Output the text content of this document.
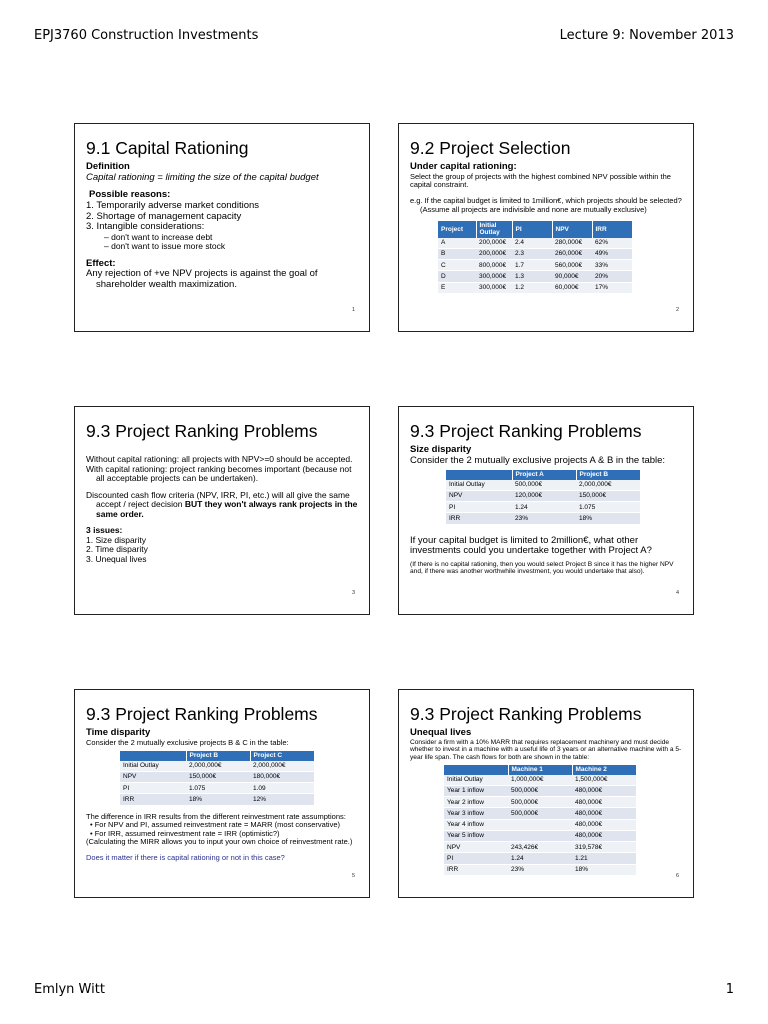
EPJ3760 Construction Investments	Lecture 9: November 2013
9.1 Capital Rationing
Definition
Capital rationing = limiting the size of the capital budget
Possible reasons:
1. Temporarily adverse market conditions
2. Shortage of management capacity
3. Intangible considerations:
– don't want to increase debt
– don't want to issue more stock
Effect:
Any rejection of +ve NPV projects is against the goal of shareholder wealth maximization.
1
9.2 Project Selection
Under capital rationing:
Select the group of projects with the highest combined NPV possible within the capital constraint.
e.g. If the capital budget is limited to 1million€, which projects should be selected? (Assume all projects are indivisible and none are mutually exclusive)
Project	Initial Outlay	PI	NPV	IRR
A	200,000€	2.4	280,000€	62%
B	200,000€	2.3	260,000€	49%
C	800,000€	1.7	560,000€	33%
D	300,000€	1.3	90,000€	20%
E	300,000€	1.2	60,000€	17%
2
9.3 Project Ranking Problems
Without capital rationing: all projects with NPV>=0 should be accepted.
With capital rationing: project ranking becomes important (because not all acceptable projects can be undertaken).
Discounted cash flow criteria (NPV, IRR, PI, etc.) will all give the same accept / reject decision BUT they won't always rank projects in the same order.
3 issues:
1. Size disparity
2. Time disparity
3. Unequal lives
3
9.3 Project Ranking Problems
Size disparity
Consider the 2 mutually exclusive projects A & B in the table:
	Project A	Project B
Initial Outlay	500,000€	2,000,000€
NPV	120,000€	150,000€
PI	1.24	1.075
IRR	23%	18%
If your capital budget is limited to 2million€, what other investments could you undertake together with Project A?
(If there is no capital rationing, then you would select Project B since it has the higher NPV and, if there was another worthwhile investment, you would undertake that also).
4
9.3 Project Ranking Problems
Time disparity
Consider the 2 mutually exclusive projects B & C in the table:
	Project B	Project C
Initial Outlay	2,000,000€	2,000,000€
NPV	150,000€	180,000€
PI	1.075	1.09
IRR	18%	12%
The difference in IRR results from the different reinvestment rate assumptions:
• For NPV and PI, assumed reinvestment rate = MARR (most conservative)
• For IRR, assumed reinvestment rate = IRR (optimistic?)
(Calculating the MIRR allows you to input your own choice of reinvestment rate.)
Does it matter if there is capital rationing or not in this case?
5
9.3 Project Ranking Problems
Unequal lives
Consider a firm with a 10% MARR that requires replacement machinery and must decide whether to invest in a machine with a useful life of 3 years or an alternative machine with a 5-year life span. The cash flows for both are shown in the table:
	Machine 1	Machine 2
Initial Outlay	1,000,000€	1,500,000€
Year 1 inflow	500,000€	480,000€
Year 2 inflow	500,000€	480,000€
Year 3 inflow	500,000€	480,000€
Year 4 inflow		480,000€
Year 5 inflow		480,000€
NPV	243,426€	319,578€
PI	1.24	1.21
IRR	23%	18%
6
Emlyn Witt	1
